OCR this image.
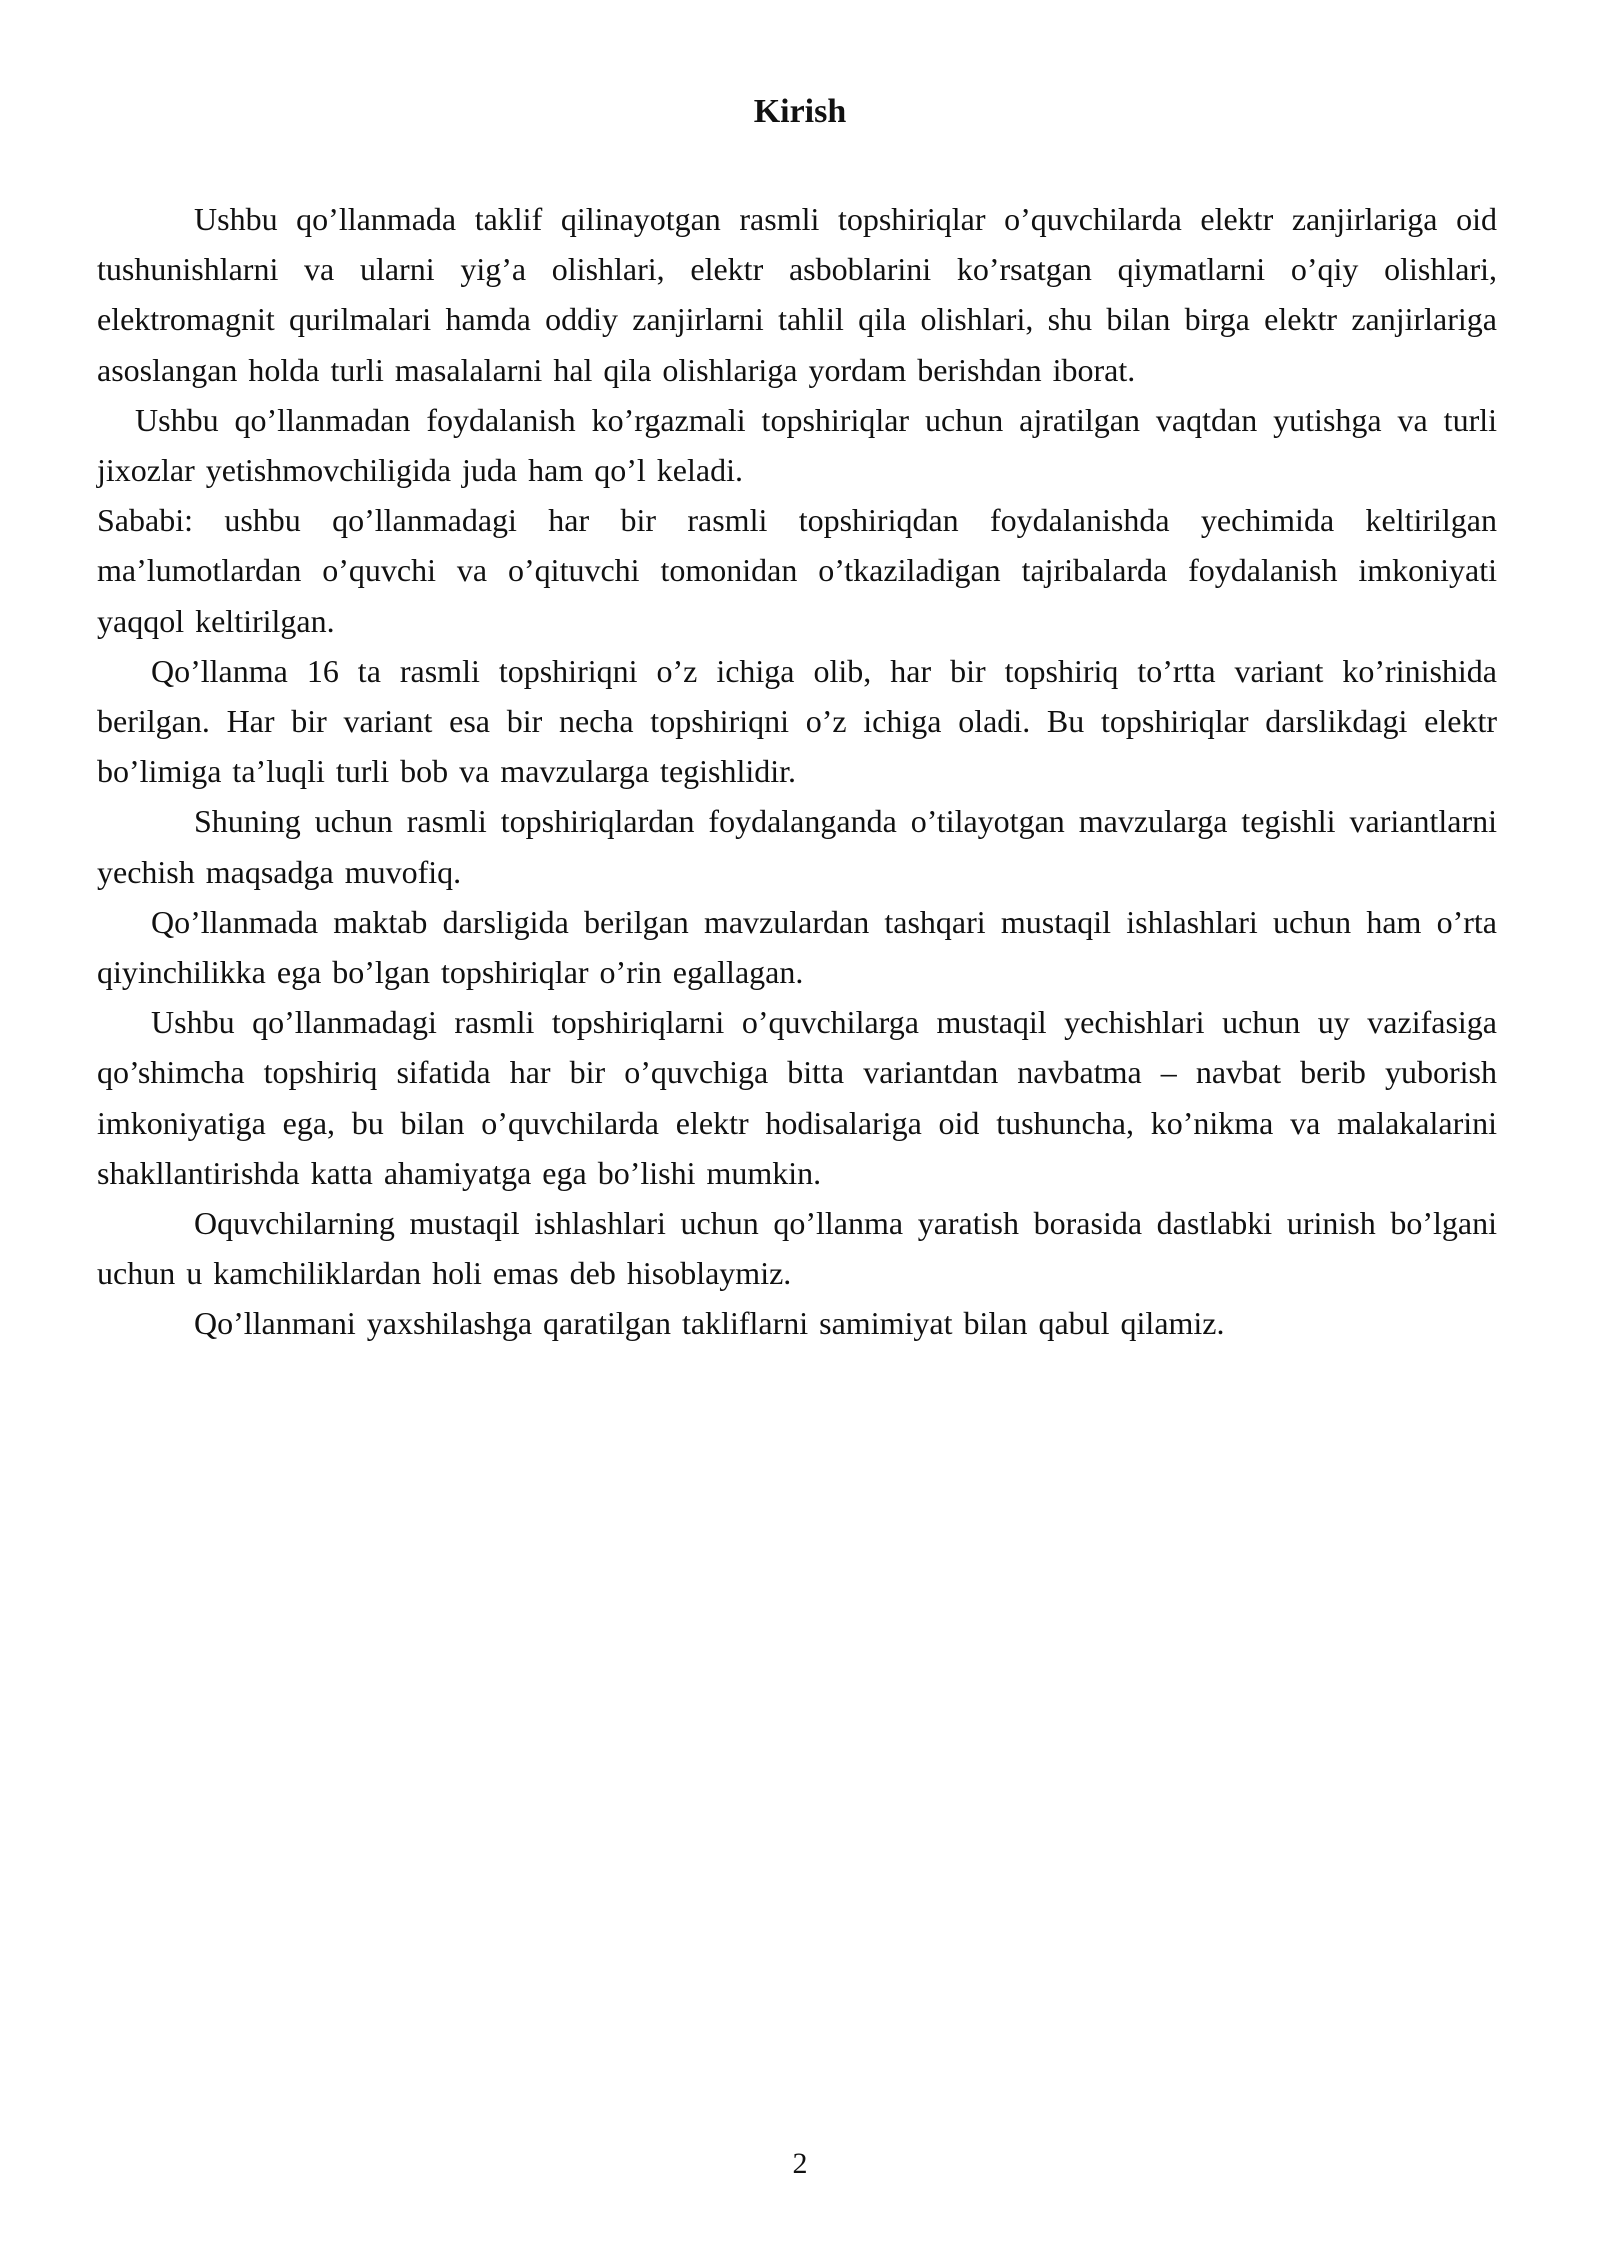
Kirish

Ushbu qo’llanmada taklif qilinayotgan rasmli topshiriqlar o’quvchilarda elektr zanjirlariga oid tushunishlarni va ularni yig’a olishlari, elektr asboblarini ko’rsatgan qiymatlarni o’qiy olishlari, elektromagnit qurilmalari hamda oddiy zanjirlarni tahlil qila olishlari, shu bilan birga elektr zanjirlariga asoslangan holda turli masalalarni hal qila olishlariga yordam berishdan iborat.

Ushbu qo’llanmadan foydalanish ko’rgazmali topshiriqlar uchun ajratilgan vaqtdan yutishga va turli jixozlar yetishmovchiligida juda ham qo’l keladi.

Sababi: ushbu qo’llanmadagi har bir rasmli topshiriqdan foydalanishda yechimida keltirilgan ma’lumotlardan o’quvchi va o’qituvchi tomonidan o’tkaziladigan tajribalarda foydalanish imkoniyati yaqqol keltirilgan.

Qo’llanma 16 ta rasmli topshiriqni o’z ichiga olib, har bir topshiriq to’rtta variant ko’rinishida berilgan. Har bir variant esa bir necha topshiriqni o’z ichiga oladi. Bu topshiriqlar darslikdagi elektr bo’limiga ta’luqli turli bob va mavzularga tegishlidir.

Shuning uchun rasmli topshiriqlardan foydalanganda o’tilayotgan mavzularga tegishli variantlarni yechish maqsadga muvofiq.

Qo’llanmada maktab darsligida berilgan mavzulardan tashqari mustaqil ishlashlari uchun ham o’rta qiyinchilikka ega bo’lgan topshiriqlar o’rin egallagan.

Ushbu qo’llanmadagi rasmli topshiriqlarni o’quvchilarga mustaqil yechishlari uchun uy vazifasiga qo’shimcha topshiriq sifatida har bir o’quvchiga bitta variantdan navbatma – navbat berib yuborish imkoniyatiga ega, bu bilan o’quvchilarda elektr hodisalariga oid tushuncha, ko’nikma va malakalarini shakllantirishda katta ahamiyatga ega bo’lishi mumkin.

Oquvchilarning mustaqil ishlashlari uchun qo’llanma yaratish borasida dastlabki urinish bo’lgani uchun u kamchiliklardan holi emas deb hisoblaymiz.

Qo’llanmani yaxshilashga qaratilgan takliflarni samimiyat bilan qabul qilamiz.

2
